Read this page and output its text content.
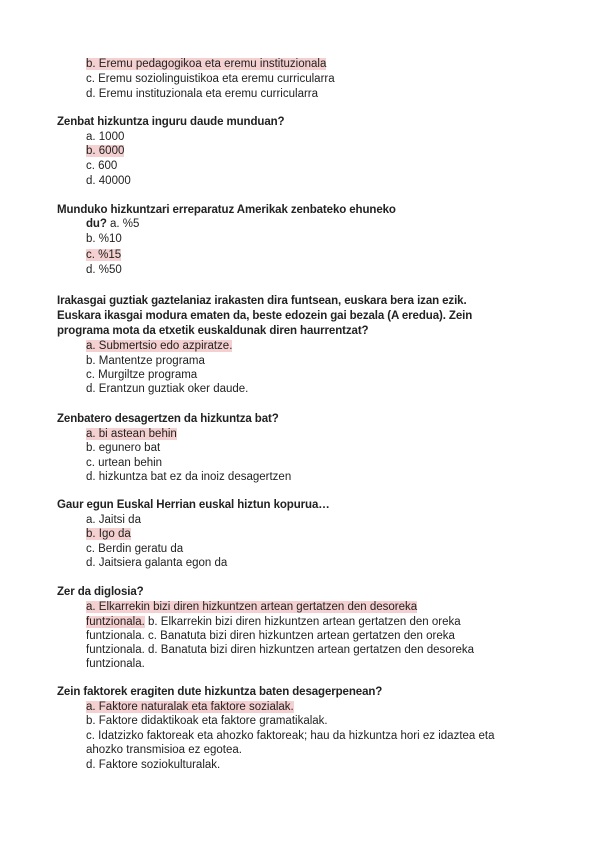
b. Eremu pedagogikoa eta eremu instituzionala
c. Eremu soziolinguistikoa eta eremu curricularra
d. Eremu instituzionala eta eremu curricularra
Zenbat hizkuntza inguru daude munduan?
a. 1000
b. 6000
c. 600
d. 40000
Munduko hizkuntzari erreparatuz Amerikak zenbateko ehuneko
du? a. %5
b. %10
c. %15
d. %50
Irakasgai guztiak gaztelaniaz irakasten dira funtsean, euskara bera izan ezik.
Euskara ikasgai modura ematen da, beste edozein gai bezala (A eredua). Zein
programa mota da etxetik euskaldunak diren haurrentzat?
a. Submertsio edo azpiratze.
b. Mantentze programa
c. Murgiltze programa
d. Erantzun guztiak oker daude.
Zenbatero desagertzen da hizkuntza bat?
a. bi astean behin
b. egunero bat
c. urtean behin
d. hizkuntza bat ez da inoiz desagertzen
Gaur egun Euskal Herrian euskal hiztun kopurua…
a. Jaitsi da
b. Igo da
c. Berdin geratu da
d. Jaitsiera galanta egon da
Zer da diglosia?
a. Elkarrekin bizi diren hizkuntzen artean gertatzen den desoreka
funtzionala. b. Elkarrekin bizi diren hizkuntzen artean gertatzen den oreka
funtzionala. c. Banatuta bizi diren hizkuntzen artean gertatzen den oreka
funtzionala. d. Banatuta bizi diren hizkuntzen artean gertatzen den desoreka
funtzionala.
Zein faktorek eragiten dute hizkuntza baten desagerpenean?
a. Faktore naturalak eta faktore sozialak.
b. Faktore didaktikoak eta faktore gramatikalak.
c. Idatzizko faktoreak eta ahozko faktoreak; hau da hizkuntza hori ez idaztea eta
ahozko transmisioa ez egotea.
d. Faktore soziokulturalak.
